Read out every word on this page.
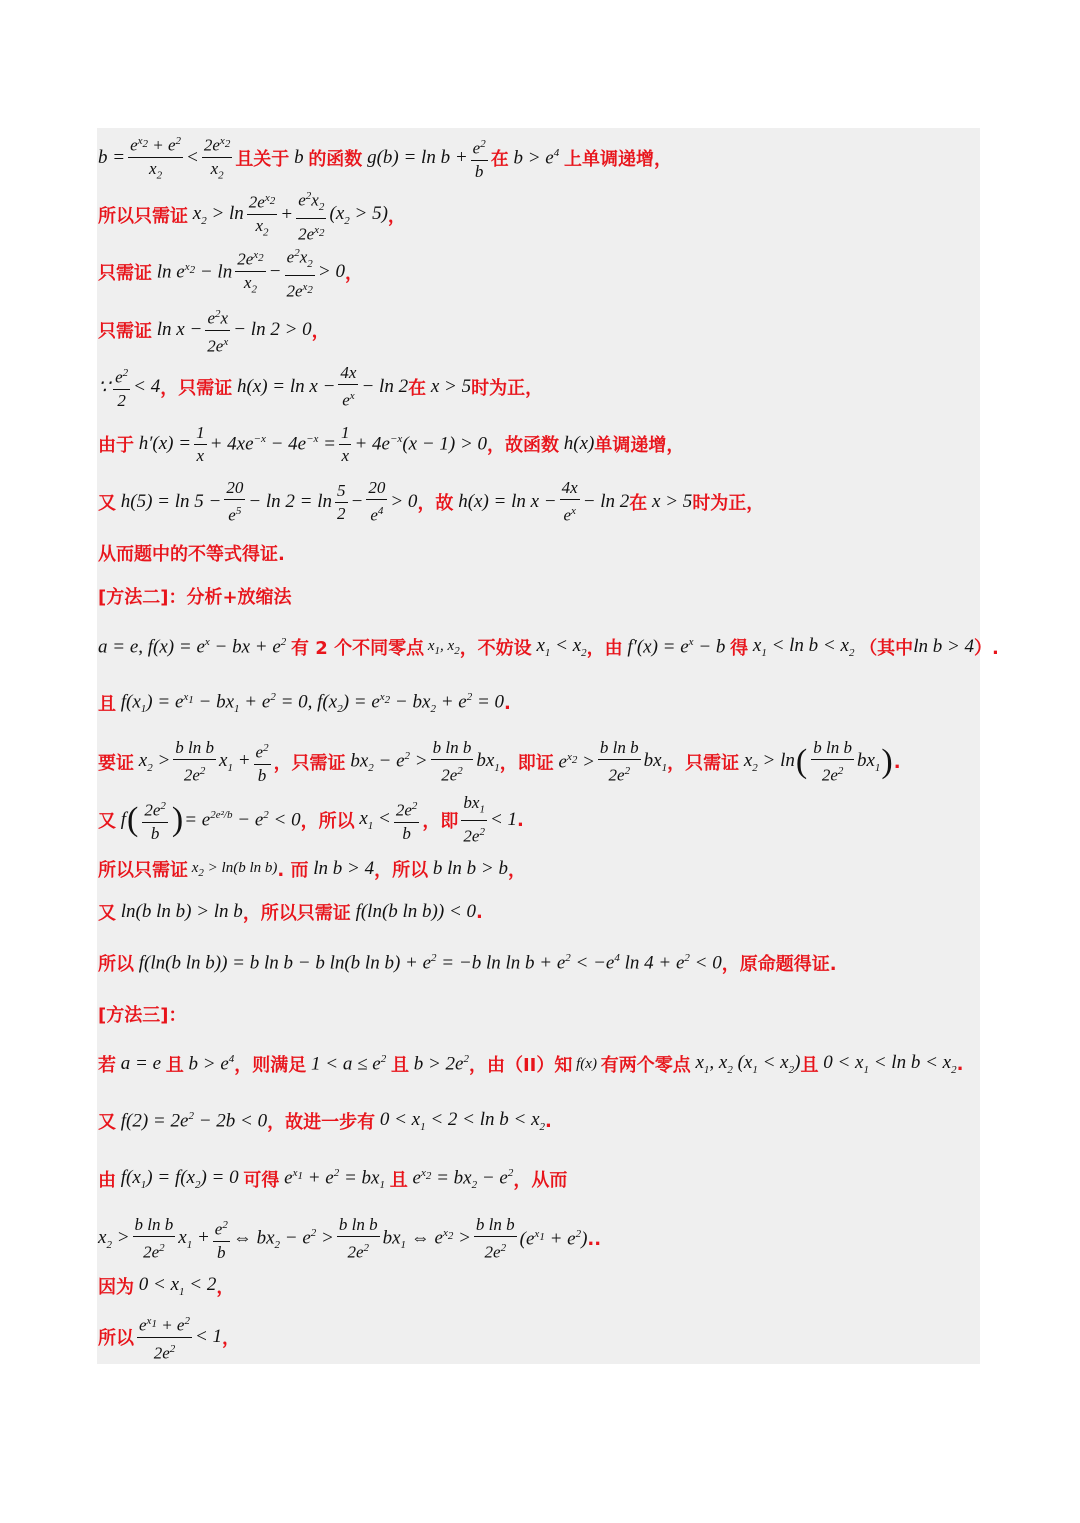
$b = \frac{e^{x_2} + e^2}{x_2} < \frac{2e^{x_2}}{x_2}$ 且关于 b 的函数 $g(b) = \ln b + \frac{e^2}{b}$ 在 $b > e^4$ 上单调递增，
所以只需证 $x_2 > \ln \frac{2e^{x_2}}{x_2} + \frac{e^2x_2}{2e^{x_2}} (x_2 > 5)$ ，
只需证 $\ln e^{x_2} - \ln \frac{2e^{x_2}}{x_2} - \frac{e^2x_2}{2e^{x_2}} > 0$ ，
只需证 $\ln x - \frac{e^2x}{2e^x} - \ln 2 > 0$ ，
∵ $\frac{e^2}{2} < 4$ ，只需证 $h(x) = \ln x - \frac{4x}{e^x} - \ln 2$ 在 x > 5 时为正，
由于 $h'(x) = \frac{1}{x} + 4xe^{-x} - 4e^{-x} = \frac{1}{x} + 4e^{-x}(x - 1) > 0$ ，故函数 h(x) 单调递增，
又 $h(5) = \ln 5 - \frac{20}{e^5} - \ln 2 = \ln \frac{5}{2} - \frac{20}{e^4} > 0$ ，故 $h(x) = \ln x - \frac{4x}{e^x} - \ln 2$ 在 x > 5 时为正，
从而题中的不等式得证.
[方法二]：分析+放缩法
a = e, $f(x) = e^x$ − bx + $e^2$ 有 2 个不同零点 $x_1$, $x_2$ ，不妨设 $x_1 < x_2$ ，由 $f'(x) = e^x - b$ 得 $x_1 < \ln b < x_2$ （其中 ln b > 4 ）.
且 $f(x_1) = e^{x_1} - bx_1 + e^2 = 0$, $f(x_2) = e^{x_2} - bx_2 + e^2 = 0$ .
要证 $x_2 > \frac{\text{b ln b}}{2e^2} x_1 + \frac{e^2}{b}$ ，只需证 $bx_2 - e^2 > \frac{\text{b ln b}}{2e^2} bx_1$ ，即证 $e^{x_2} > \frac{\text{b ln b}}{2e^2} bx_1$ ，只需证 $x_2 > \ln$ ( $\frac{\text{b ln b}}{2e^2} bx_1$ ) .
又 f ( $\frac{2e^2}{b}$ ) = $e^{2e^2/b} - e^2 < 0$ ，所以 $x_1 < \frac{2e^2}{b}$ ，即 $\frac{bx_1}{2e^2} < 1$ .
所以只需证 $x_2 > \ln(b$ ln b) . 而 ln b > 4 ，所以 b ln b > b ，
又 ln(b ln b) > ln b ，所以只需证 f(ln(b ln b)) < 0 .
所以 f(ln(b ln b)) = b ln b − b ln(b $\ln b) + e^2 = -b$ $\ln \ln b + e^2 < -e^4$ $\ln 4 + e^2 < 0$ ，原命题得证.
[方法三]：
若 a = e 且 $b > e^4$ ，则满足 $1 < a \le e^2$ 且 $b > 2e^2$ ，由（II）知 f(x) 有两个零点 $x_1$, $x_2$ $(x_1 < x_2)$ 且 $0 < x_1 < \ln b < x_2$ .
又 $f(2) = 2e^2 - 2b < 0$ ，故进一步有 $0 < x_1 < 2 < \ln b < x_2$ .
由 $f(x_1) = f(x_2) = 0$ 可得 $e^{x_1} + e^2 = bx_1$ 且 $e^{x_2} = bx_2 - e^2$ ，从而
$x_2 > \frac{\text{b ln b}}{2e^2} x_1 + \frac{e^2}{b}$ ⇔ $bx_2 - e^2 > \frac{\text{b ln b}}{2e^2} bx_1$ ⇔ $e^{x_2} > \frac{\text{b ln b}}{2e^2} (e^{x_1} + e^2)$ ..
因为 $0 < x_1 < 2$ ，
所以 $\frac{e^{x_1} + e^2}{2e^2} < 1$ ，
